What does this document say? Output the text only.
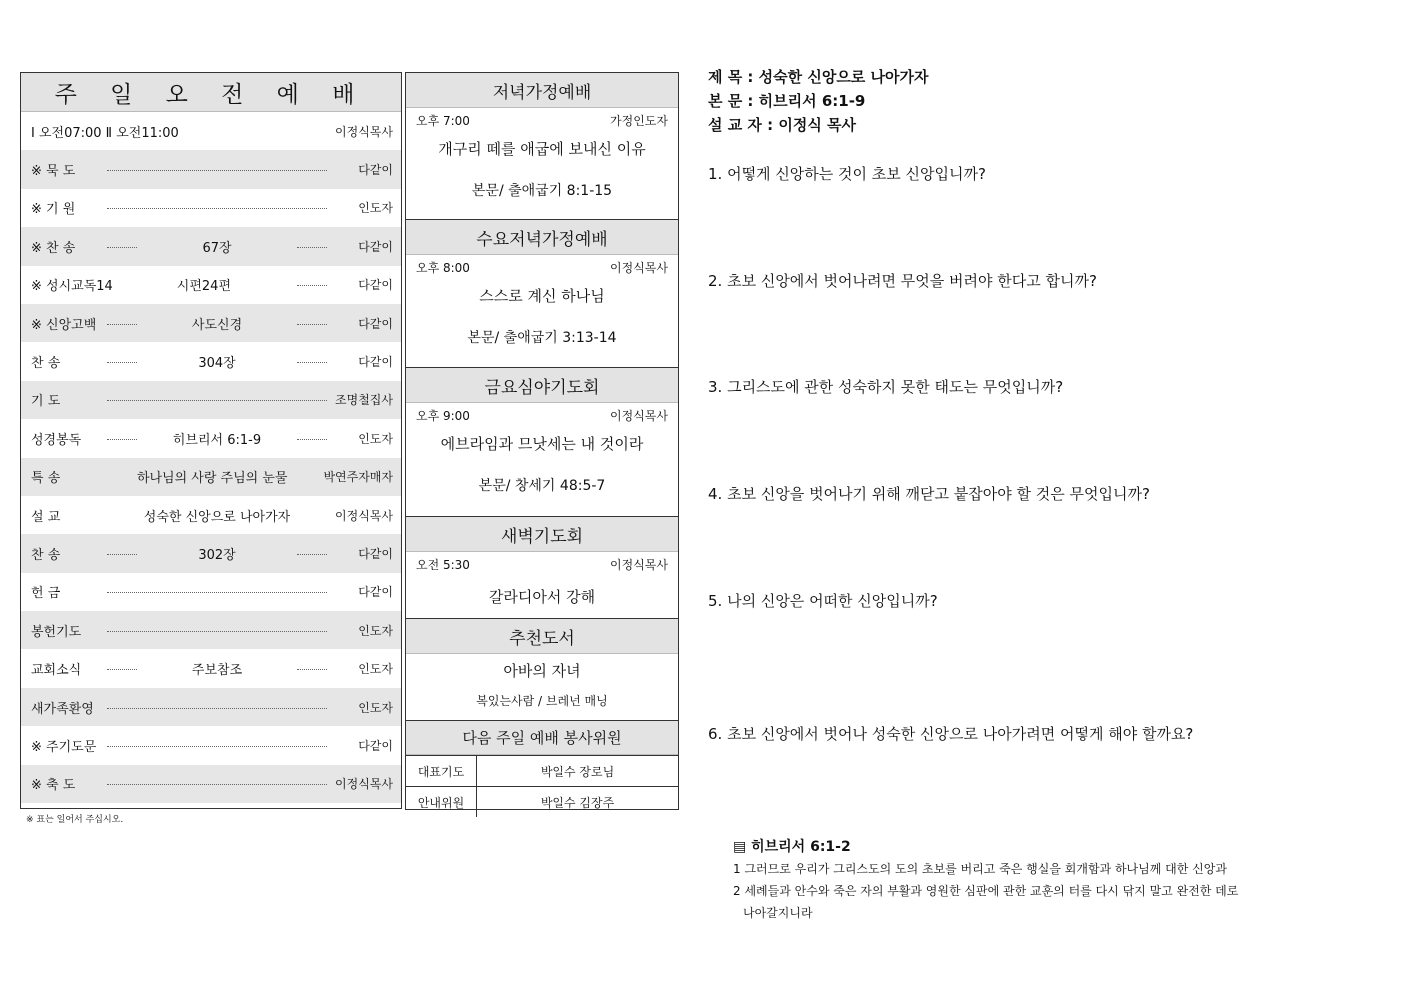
주 일 오 전 예 배
Ⅰ 오전07:00 Ⅱ 오전11:00	이정식목사
※ 묵 도	다같이
※ 기 원	인도자
※ 찬 송	67장	다같이
※ 성시교독14	시편24편	다같이
※ 신앙고백	사도신경	다같이
찬 송	304장	다같이
기 도	조명철집사
성경봉독	히브리서 6:1-9	인도자
특 송	하나님의 사랑 주님의 눈물	박연주자매자
설 교	성숙한 신앙으로 나아가자	이정식목사
찬 송	302장	다같이
헌 금	다같이
봉헌기도	인도자
교회소식	주보참조	인도자
새가족환영	인도자
※ 주기도문	다같이
※ 축 도	이정식목사
※ 표는 일어서 주십시오.
저녁가정예배
오후 7:00	가정인도자
개구리 떼를 애굽에 보내신 이유
본문/ 출애굽기 8:1-15
수요저녁가정예배
오후 8:00	이정식목사
스스로 계신 하나님
본문/ 출애굽기 3:13-14
금요심야기도회
오후 9:00	이정식목사
에브라임과 므낫세는 내 것이라
본문/ 창세기 48:5-7
새벽기도회
오전 5:30	이정식목사
갈라디아서 강해
추천도서
아바의 자녀
복있는사람 / 브레넌 매닝
다음 주일 예배 봉사위원
대표기도	박일수 장로님
안내위원	박일수 김장주
제 목 : 성숙한 신앙으로 나아가자
본 문 : 히브리서 6:1-9
설 교 자 : 이정식 목사
1. 어떻게 신앙하는 것이 초보 신앙입니까?
2. 초보 신앙에서 벗어나려면 무엇을 버려야 한다고 합니까?
3. 그리스도에 관한 성숙하지 못한 태도는 무엇입니까?
4. 초보 신앙을 벗어나기 위해 깨닫고 붙잡아야 할 것은 무엇입니까?
5. 나의 신앙은 어떠한 신앙입니까?
6. 초보 신앙에서 벗어나 성숙한 신앙으로 나아가려면 어떻게 해야 할까요?
▤ 히브리서 6:1-2
1 그러므로 우리가 그리스도의 도의 초보를 버리고 죽은 행실을 회개함과 하나님께 대한 신앙과
2 세례들과 안수와 죽은 자의 부활과 영원한 심판에 관한 교훈의 터를 다시 닦지 말고 완전한 데로
나아갈지니라
